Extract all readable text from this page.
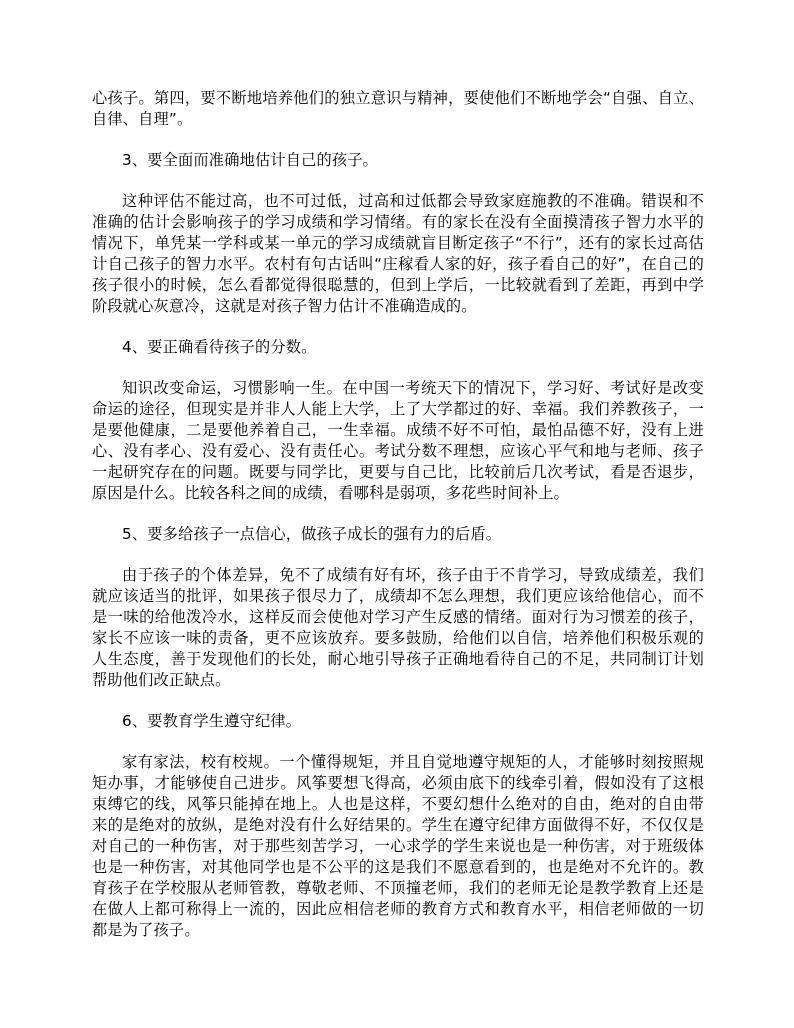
心孩子。第四，要不断地培养他们的独立意识与精神，要使他们不断地学会“自强、自立、自律、自理”。

3、要全面而准确地估计自己的孩子。

这种评估不能过高，也不可过低，过高和过低都会导致家庭施教的不准确。错误和不准确的估计会影响孩子的学习成绩和学习情绪。有的家长在没有全面摸清孩子智力水平的情况下，单凭某一学科或某一单元的学习成绩就盲目断定孩子“不行”，还有的家长过高估计自己孩子的智力水平。农村有句古话叫“庄稼看人家的好，孩子看自己的好”，在自己的孩子很小的时候，怎么看都觉得很聪慧的，但到上学后，一比较就看到了差距，再到中学阶段就心灰意冷，这就是对孩子智力估计不准确造成的。

4、要正确看待孩子的分数。

知识改变命运，习惯影响一生。在中国一考统天下的情况下，学习好、考试好是改变命运的途径，但现实是并非人人能上大学，上了大学都过的好、幸福。我们养教孩子，一是要他健康，二是要他养着自己，一生幸福。成绩不好不可怕，最怕品德不好，没有上进心、没有孝心、没有爱心、没有责任心。考试分数不理想，应该心平气和地与老师、孩子一起研究存在的问题。既要与同学比，更要与自己比，比较前后几次考试，看是否退步，原因是什么。比较各科之间的成绩，看哪科是弱项，多花些时间补上。

5、要多给孩子一点信心，做孩子成长的强有力的后盾。

由于孩子的个体差异，免不了成绩有好有坏，孩子由于不肯学习，导致成绩差，我们就应该适当的批评，如果孩子很尽力了，成绩却不怎么理想，我们更应该给他信心，而不是一味的给他泼冷水，这样反而会使他对学习产生反感的情绪。面对行为习惯差的孩子，家长不应该一味的责备，更不应该放弃。要多鼓励，给他们以自信，培养他们积极乐观的人生态度，善于发现他们的长处，耐心地引导孩子正确地看待自己的不足，共同制订计划帮助他们改正缺点。

6、要教育学生遵守纪律。

家有家法，校有校规。一个懂得规矩，并且自觉地遵守规矩的人，才能够时刻按照规矩办事，才能够使自己进步。风筝要想飞得高，必须由底下的线牵引着，假如没有了这根束缚它的线，风筝只能掉在地上。人也是这样，不要幻想什么绝对的自由，绝对的自由带来的是绝对的放纵，是绝对没有什么好结果的。学生在遵守纪律方面做得不好，不仅仅是对自己的一种伤害，对于那些刻苦学习，一心求学的学生来说也是一种伤害，对于班级体也是一种伤害，对其他同学也是不公平的这是我们不愿意看到的，也是绝对不允许的。教育孩子在学校服从老师管教，尊敬老师、不顶撞老师，我们的老师无论是教学教育上还是在做人上都可称得上一流的，因此应相信老师的教育方式和教育水平，相信老师做的一切都是为了孩子。
